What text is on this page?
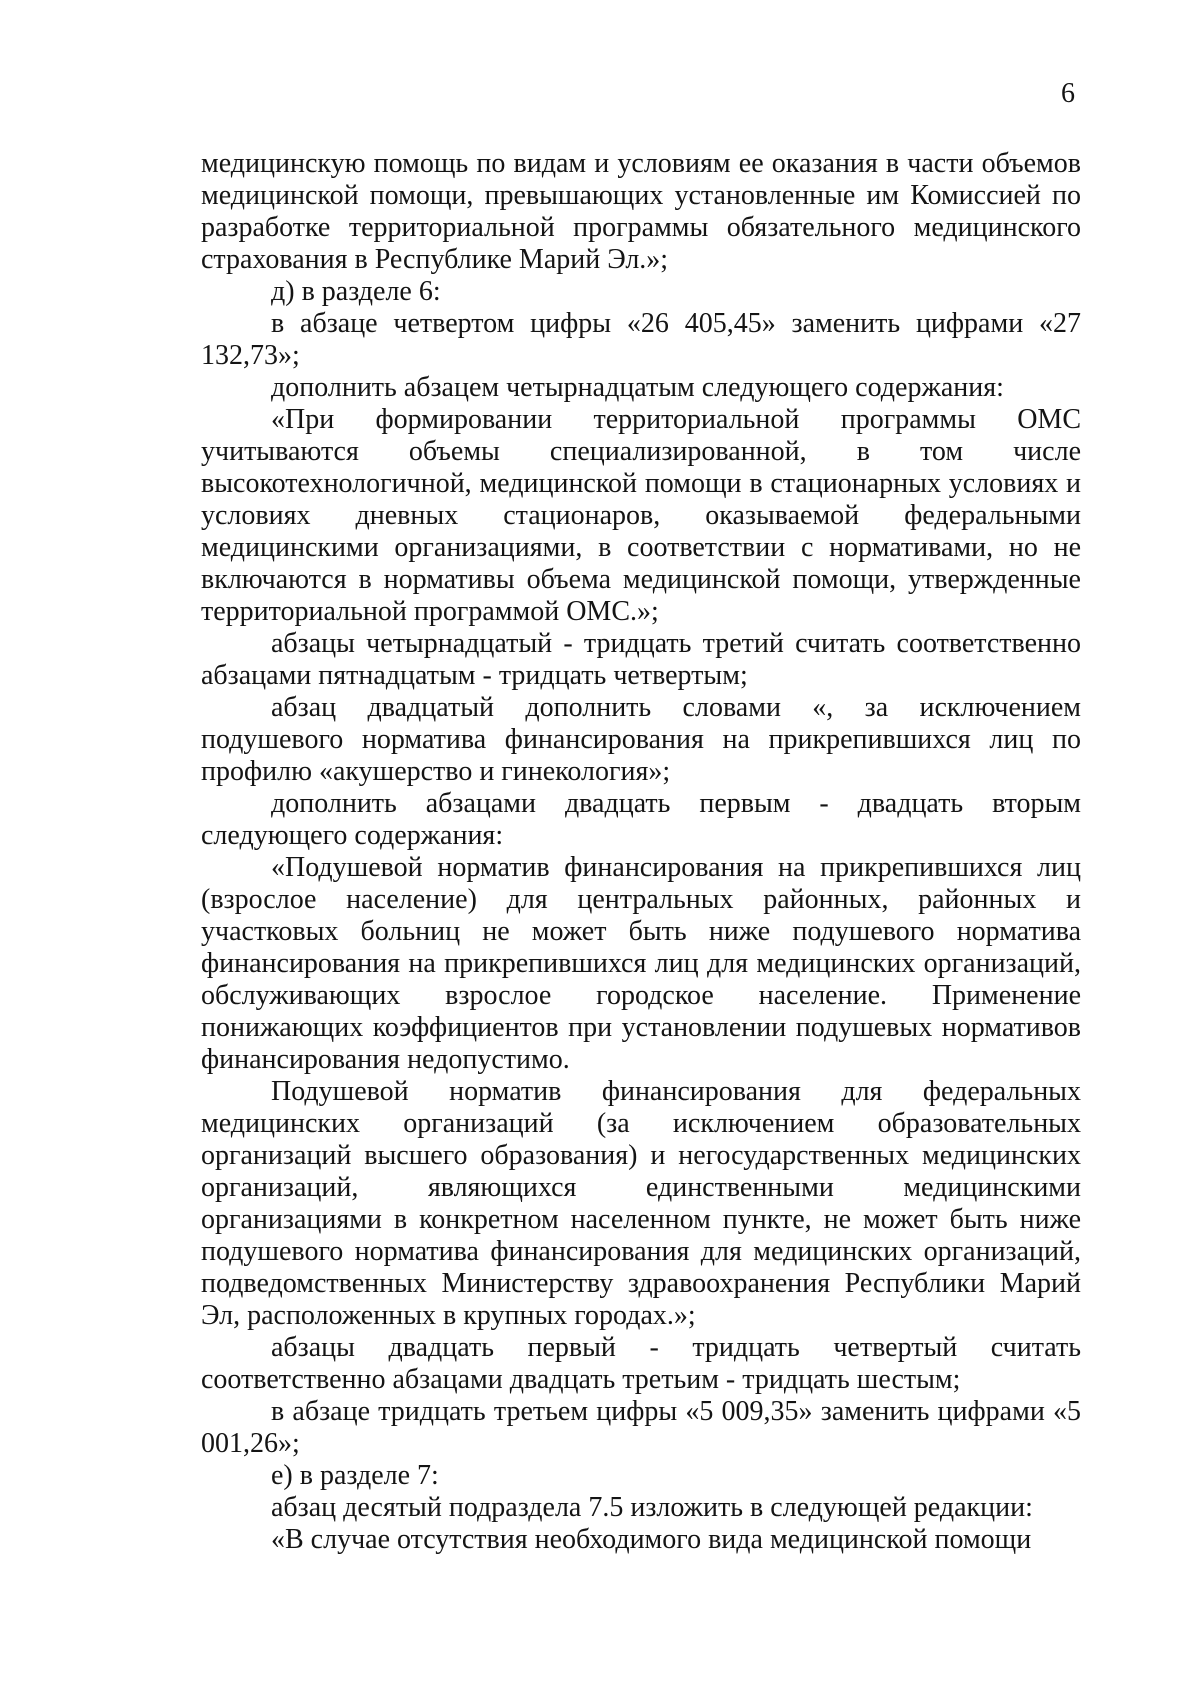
6

медицинскую помощь по видам и условиям ее оказания в части объемов медицинской помощи, превышающих установленные им Комиссией по разработке территориальной программы обязательного медицинского страхования в Республике Марий Эл.»;

д) в разделе 6:

в абзаце четвертом цифры «26 405,45» заменить цифрами «27 132,73»;

дополнить абзацем четырнадцатым следующего содержания:

«При формировании территориальной программы ОМС учитываются объемы специализированной, в том числе высокотехнологичной, медицинской помощи в стационарных условиях и условиях дневных стационаров, оказываемой федеральными медицинскими организациями, в соответствии с нормативами, но не включаются в нормативы объема медицинской помощи, утвержденные территориальной программой ОМС.»;

абзацы четырнадцатый - тридцать третий считать соответственно абзацами пятнадцатым - тридцать четвертым;

абзац двадцатый дополнить словами «, за исключением подушевого норматива финансирования на прикрепившихся лиц по профилю «акушерство и гинекология»;

дополнить абзацами двадцать первым - двадцать вторым следующего содержания:

«Подушевой норматив финансирования на прикрепившихся лиц (взрослое население) для центральных районных, районных и участковых больниц не может быть ниже подушевого норматива финансирования на прикрепившихся лиц для медицинских организаций, обслуживающих взрослое городское население. Применение понижающих коэффициентов при установлении подушевых нормативов финансирования недопустимо.

Подушевой норматив финансирования для федеральных медицинских организаций (за исключением образовательных организаций высшего образования) и негосударственных медицинских организаций, являющихся единственными медицинскими организациями в конкретном населенном пункте, не может быть ниже подушевого норматива финансирования для медицинских организаций, подведомственных Министерству здравоохранения Республики Марий Эл, расположенных в крупных городах.»;

абзацы двадцать первый - тридцать четвертый считать соответственно абзацами двадцать третьим - тридцать шестым;

в абзаце тридцать третьем цифры «5 009,35» заменить цифрами «5 001,26»;

е) в разделе 7:

абзац десятый подраздела 7.5 изложить в следующей редакции:

«В случае отсутствия необходимого вида медицинской помощи
